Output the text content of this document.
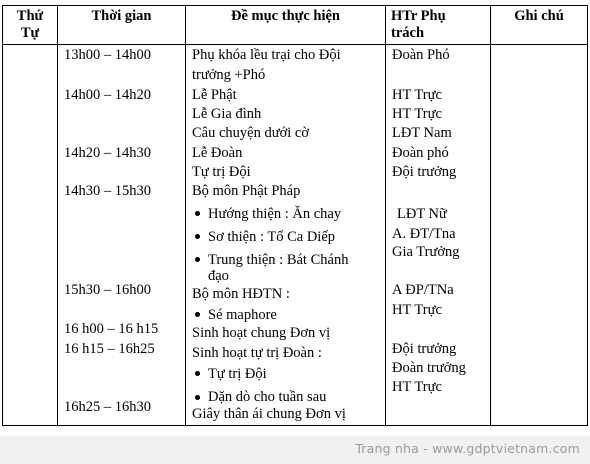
Thứ
Tự
Thời gian	Đề mục thực hiện	HTr Phụ
trách
Ghi chú
13h00 – 14h00
14h00 – 14h20
14h20 – 14h30
14h30 – 15h30
15h30 – 16h00
16 h00 – 16 h15
16 h15 – 16h25
16h25 – 16h30
Phụ khóa lều trại cho Đội
trưởng +Phó
Lễ Phật
Lễ Gia đình
Câu chuyện dưới cờ
Lễ Đoàn
Tự trị Đội
Bộ môn Phật Pháp
Hướng thiện : Ăn chay
Sơ thiện : Tổ Ca Diếp
Trung thiện : Bát Chánh
đạo
Bộ môn HĐTN :
Sé maphore
Sinh hoạt chung Đơn vị
Sinh hoạt tự trị Đoàn :
Tự trị Đội
Dặn dò cho tuần sau
Giây thân ái chung Đơn vị
Đoàn Phó
HT Trực
HT Trực
LĐT Nam
Đoàn phó
Đội trưởng
LĐT Nữ
A. ĐT/Tna
Gia Trưởng
A ĐP/TNa
HT Trực
Đội trưởng
Đoàn trưởng
HT Trực
Trang nha - www.gdptvietnam.com
